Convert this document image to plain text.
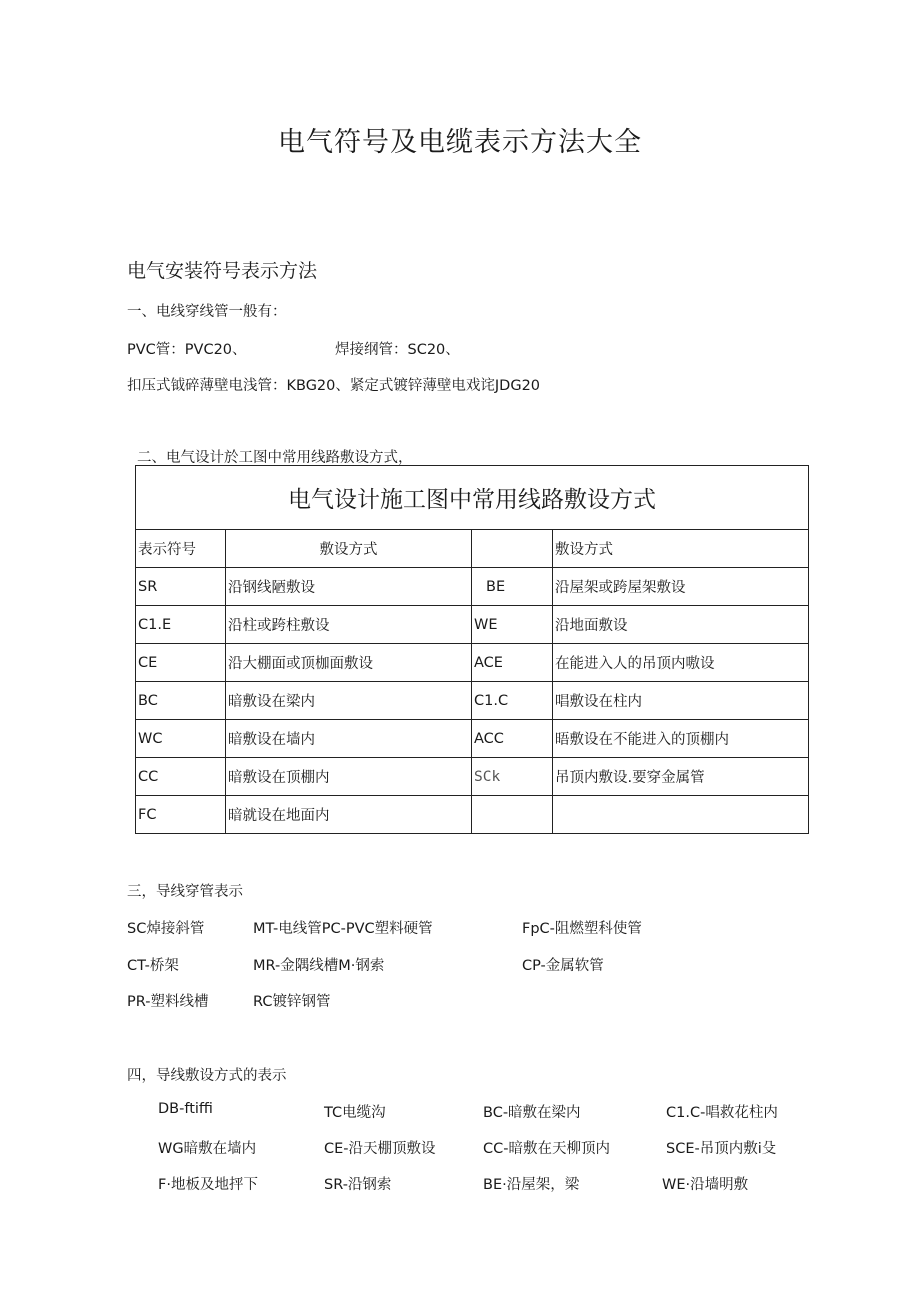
电气符号及电缆表示方法大全
电气安装符号表示方法
一、电线穿线管一般有：
PVC管：PVC20、	焊接纲管：SC20、
扣压式钺碎薄壁电浅管：KBG20、紧定式镀锌薄壁电戏诧JDG20
二、电气设计於工图中常用线路敷设方式，
电气设计施工图中常用线路敷设方式			
表示符号	敷设方式		敷设方式
SR	沿钢线陋敷设	BE	沿屋架或跨屋架敷设
C1.E	沿柱或跨柱敷设	WE	沿地面敷设
CE	沿大棚面或顶枷面敷设	ACE	在能进入人的吊顶内嗷设
BC	暗敷设在梁内	C1.C	唱敷设在柱内
WC	暗敷设在墙内	ACC	晤敷设在不能进入的顶棚内
CC	暗敷设在顶棚内	SCk	吊顶内敷设.要穿金属管
FC	暗就设在地面内		
三，导线穿管表示
SC焯接斜管	MT-电线管PC-PVC塑料硬管	FpC-阻燃塑科使管
CT-桥架	MR-金隅线槽M·钢索	CP-金属软管
PR-塑料线槽	RC镀锌钢管
四，导线敷设方式的表示
DB-ftiffi	TC电缆沟	BC-暗敷在梁内	C1.C-唱救花柱内
WG暗敷在墙内	CE-沿天棚顶敷设	CC-暗敷在天柳顶内	SCE-吊顶内敷i殳
F·地板及地抨下	SR-沿钢索	BE·沿屋架，梁	WE·沿墙明敷
